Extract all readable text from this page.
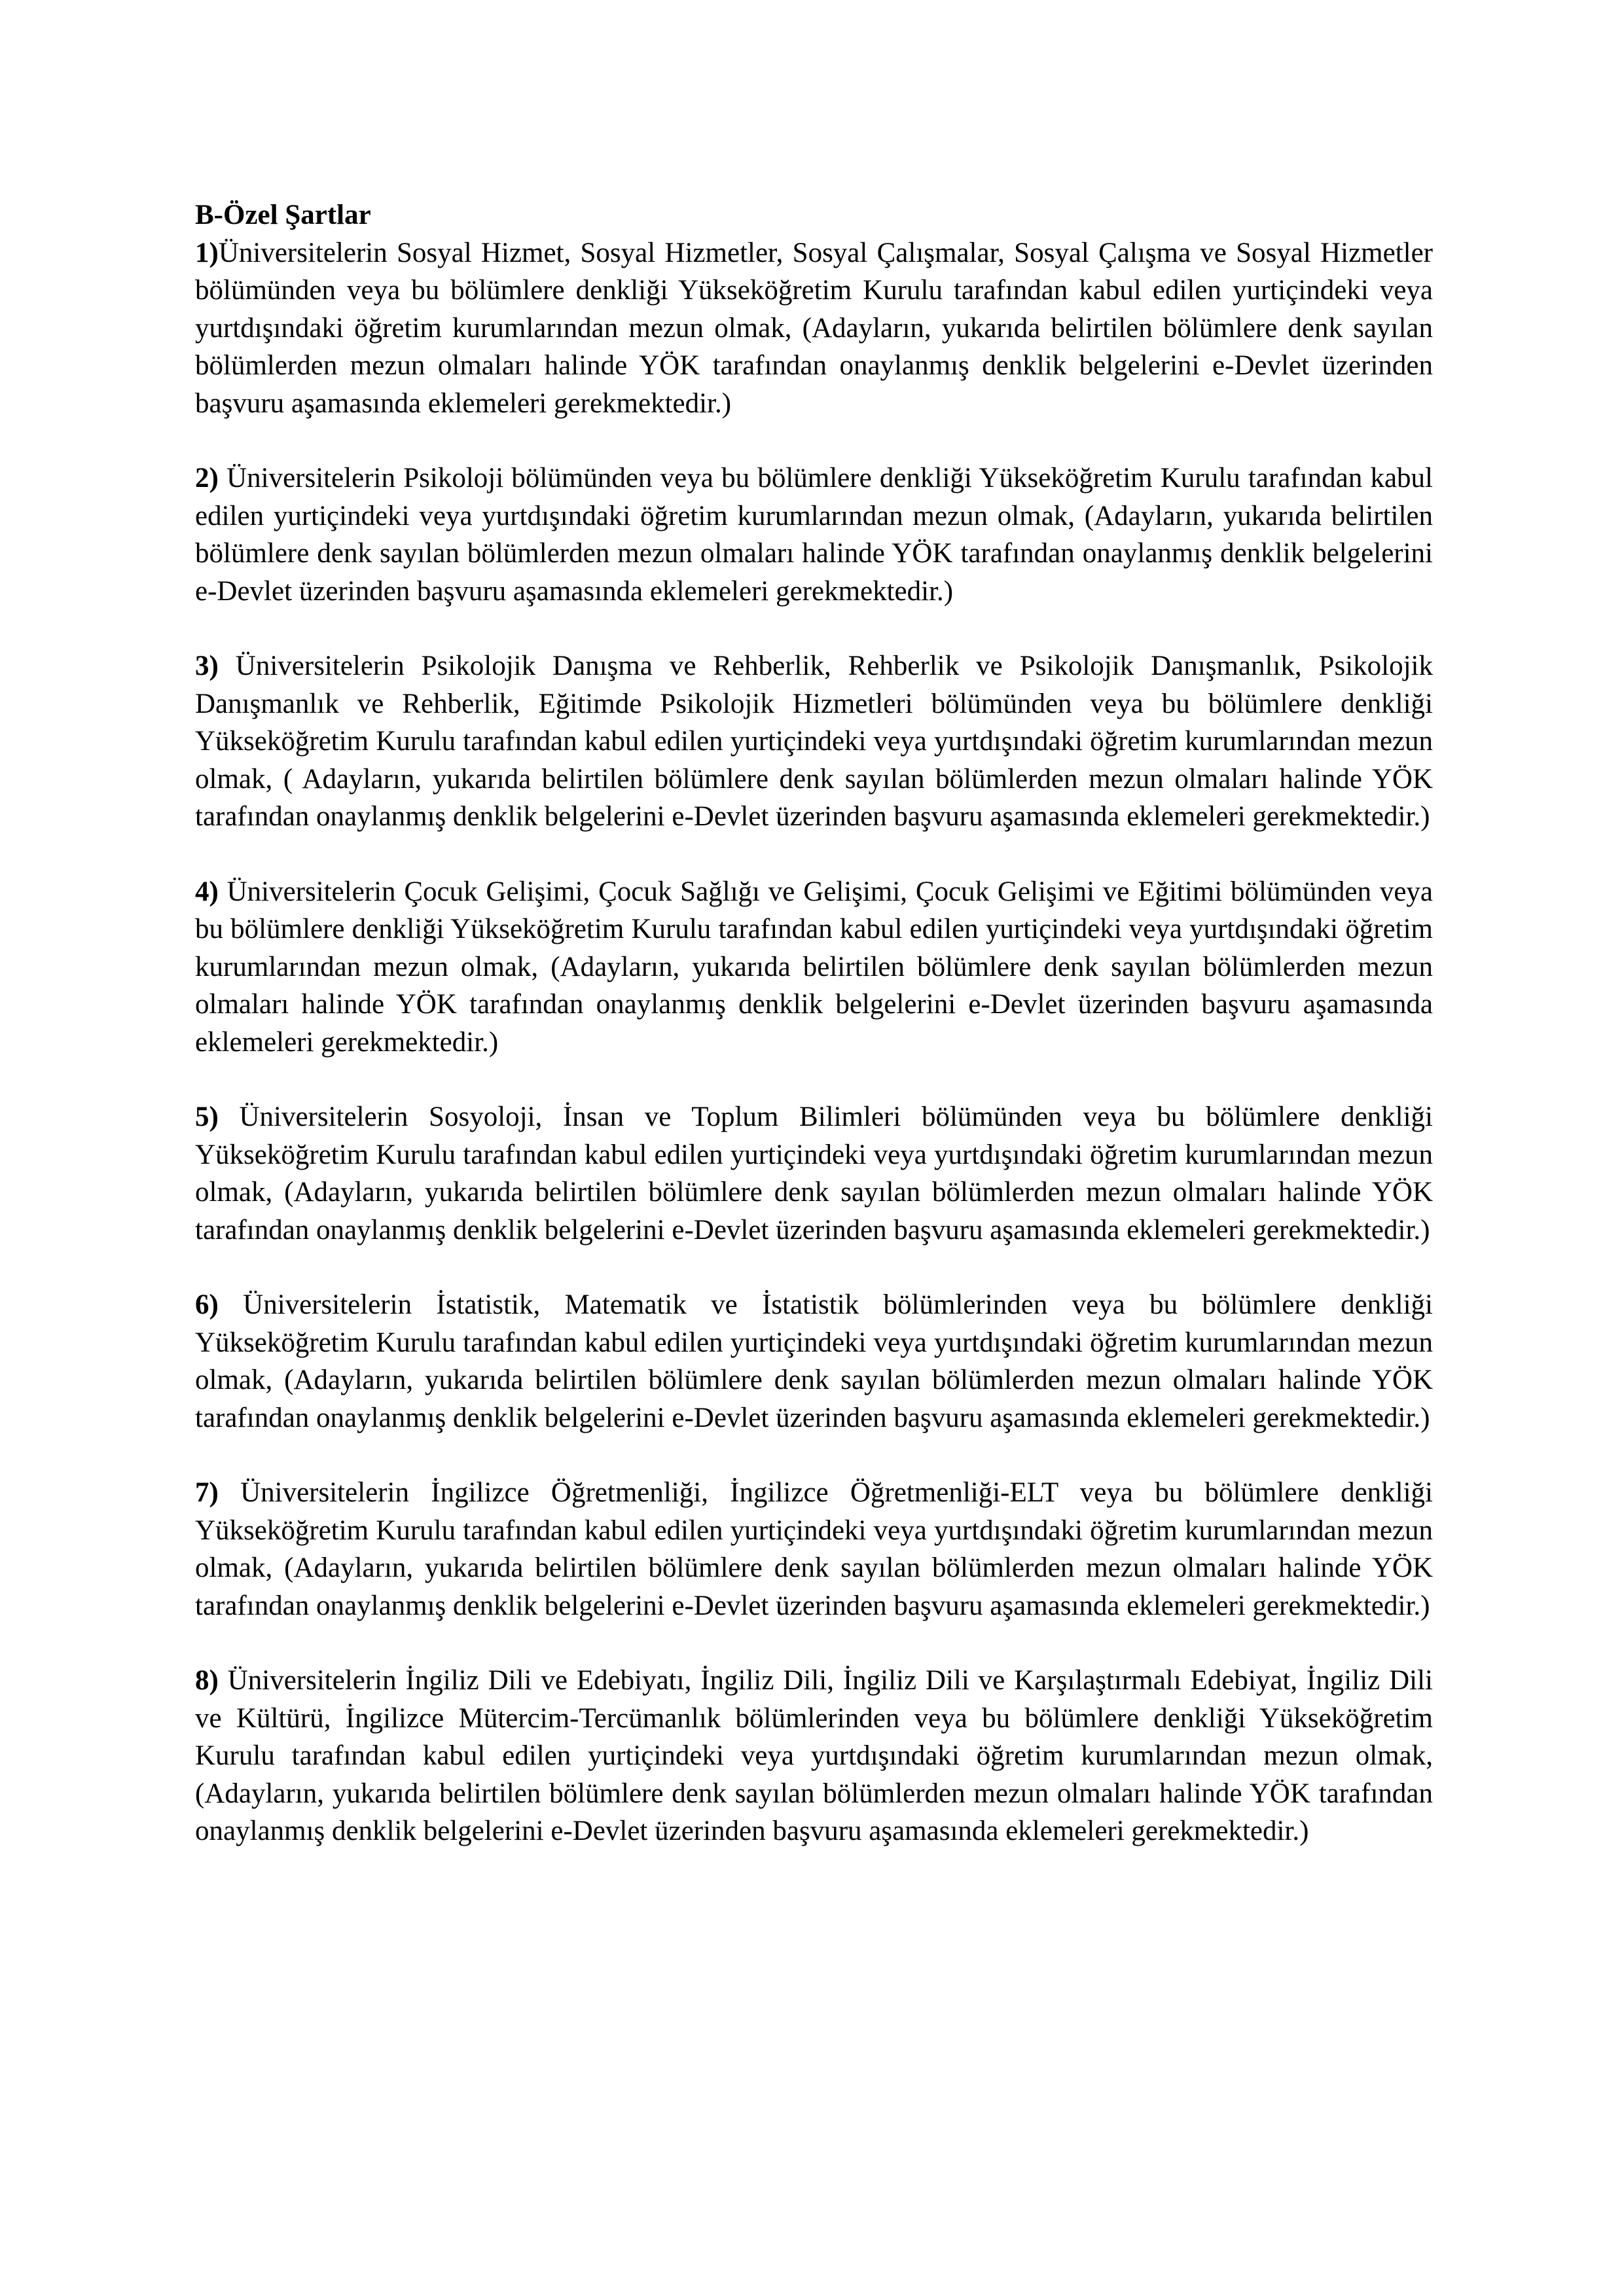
B-Özel Şartlar

1)Üniversitelerin Sosyal Hizmet, Sosyal Hizmetler, Sosyal Çalışmalar, Sosyal Çalışma ve Sosyal Hizmetler bölümünden veya bu bölümlere denkliği Yükseköğretim Kurulu tarafından kabul edilen yurtiçindeki veya yurtdışındaki öğretim kurumlarından mezun olmak, (Adayların, yukarıda belirtilen bölümlere denk sayılan bölümlerden mezun olmaları halinde YÖK tarafından onaylanmış denklik belgelerini e-Devlet üzerinden başvuru aşamasında eklemeleri gerekmektedir.)

2) Üniversitelerin Psikoloji bölümünden veya bu bölümlere denkliği Yükseköğretim Kurulu tarafından kabul edilen yurtiçindeki veya yurtdışındaki öğretim kurumlarından mezun olmak, (Adayların, yukarıda belirtilen bölümlere denk sayılan bölümlerden mezun olmaları halinde YÖK tarafından onaylanmış denklik belgelerini e-Devlet üzerinden başvuru aşamasında eklemeleri gerekmektedir.)

3) Üniversitelerin Psikolojik Danışma ve Rehberlik, Rehberlik ve Psikolojik Danışmanlık, Psikolojik Danışmanlık ve Rehberlik, Eğitimde Psikolojik Hizmetleri bölümünden veya bu bölümlere denkliği Yükseköğretim Kurulu tarafından kabul edilen yurtiçindeki veya yurtdışındaki öğretim kurumlarından mezun olmak, ( Adayların, yukarıda belirtilen bölümlere denk sayılan bölümlerden mezun olmaları halinde YÖK tarafından onaylanmış denklik belgelerini e-Devlet üzerinden başvuru aşamasında eklemeleri gerekmektedir.)

4) Üniversitelerin Çocuk Gelişimi, Çocuk Sağlığı ve Gelişimi, Çocuk Gelişimi ve Eğitimi bölümünden veya bu bölümlere denkliği Yükseköğretim Kurulu tarafından kabul edilen yurtiçindeki veya yurtdışındaki öğretim kurumlarından mezun olmak, (Adayların, yukarıda belirtilen bölümlere denk sayılan bölümlerden mezun olmaları halinde YÖK tarafından onaylanmış denklik belgelerini e-Devlet üzerinden başvuru aşamasında eklemeleri gerekmektedir.)

5) Üniversitelerin Sosyoloji, İnsan ve Toplum Bilimleri bölümünden veya bu bölümlere denkliği Yükseköğretim Kurulu tarafından kabul edilen yurtiçindeki veya yurtdışındaki öğretim kurumlarından mezun olmak, (Adayların, yukarıda belirtilen bölümlere denk sayılan bölümlerden mezun olmaları halinde YÖK tarafından onaylanmış denklik belgelerini e-Devlet üzerinden başvuru aşamasında eklemeleri gerekmektedir.)

6) Üniversitelerin İstatistik, Matematik ve İstatistik bölümlerinden veya bu bölümlere denkliği Yükseköğretim Kurulu tarafından kabul edilen yurtiçindeki veya yurtdışındaki öğretim kurumlarından mezun olmak, (Adayların, yukarıda belirtilen bölümlere denk sayılan bölümlerden mezun olmaları halinde YÖK tarafından onaylanmış denklik belgelerini e-Devlet üzerinden başvuru aşamasında eklemeleri gerekmektedir.)

7) Üniversitelerin İngilizce Öğretmenliği, İngilizce Öğretmenliği-ELT veya bu bölümlere denkliği Yükseköğretim Kurulu tarafından kabul edilen yurtiçindeki veya yurtdışındaki öğretim kurumlarından mezun olmak, (Adayların, yukarıda belirtilen bölümlere denk sayılan bölümlerden mezun olmaları halinde YÖK tarafından onaylanmış denklik belgelerini e-Devlet üzerinden başvuru aşamasında eklemeleri gerekmektedir.)

8) Üniversitelerin İngiliz Dili ve Edebiyatı, İngiliz Dili, İngiliz Dili ve Karşılaştırmalı Edebiyat, İngiliz Dili ve Kültürü, İngilizce Mütercim-Tercümanlık bölümlerinden veya bu bölümlere denkliği Yükseköğretim Kurulu tarafından kabul edilen yurtiçindeki veya yurtdışındaki öğretim kurumlarından mezun olmak, (Adayların, yukarıda belirtilen bölümlere denk sayılan bölümlerden mezun olmaları halinde YÖK tarafından onaylanmış denklik belgelerini e-Devlet üzerinden başvuru aşamasında eklemeleri gerekmektedir.)
